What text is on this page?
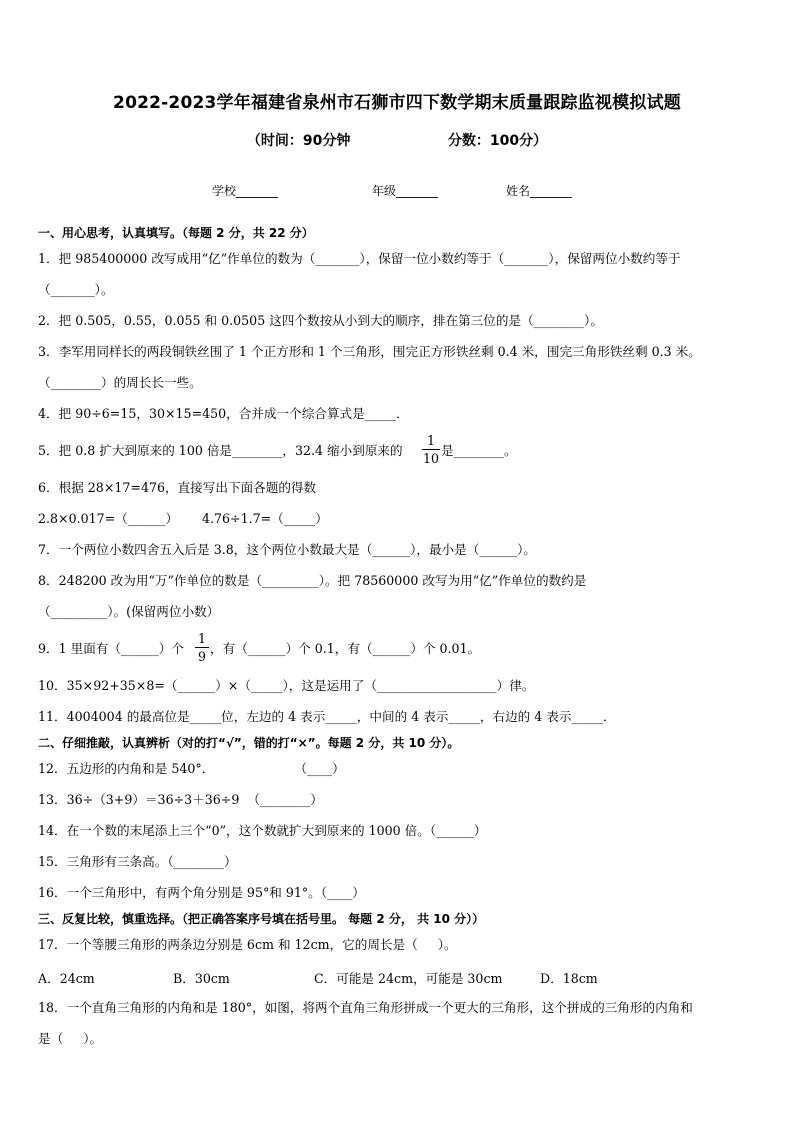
2022-2023学年福建省泉州市石狮市四下数学期末质量跟踪监视模拟试题
（时间：90分钟                    分数：100分）
学校_______	年级_______	姓名_______
一、用心思考，认真填写。（每题 2 分，共 22 分）
1．把 985400000 改写成用“亿”作单位的数为（_______），保留一位小数约等于（_______），保留两位小数约等于
（_______）。
2．把 0.505，0.55，0.055 和 0.0505 这四个数按从小到大的顺序，排在第三位的是（________）。
3．李军用同样长的两段铜铁丝围了 1 个正方形和 1 个三角形，围完正方形铁丝剩 0.4 米，围完三角形铁丝剩 0.3 米。
（________）的周长长一些。
4．把 90÷6=15，30×15=450，合并成一个综合算式是_____．
5．把 0.8 扩大到原来的 100 倍是________，32.4 缩小到原来的
1
10
是________。
6．根据 28×17=476，直接写出下面各题的得数
2.8×0.017=（______） 4.76÷1.7=（_____）
7．一个两位小数四舍五入后是 3.8，这个两位小数最大是（______），最小是（______）。
8．248200 改为用“万”作单位的数是（_________）。把 78560000 改写为用“亿”作单位的数约是
（_________）。(保留两位小数）
9．1 里面有（______）个
1
9
，有（______）个 0.1，有（______）个 0.01。
10．35×92+35×8=（______）×（_____），这是运用了（___________________）律。
11．4004004 的最高位是_____位，左边的 4 表示_____，中间的 4 表示_____，右边的 4 表示_____．
二、仔细推敲，认真辨析（对的打“√”，错的打“×”。每题 2 分，共 10 分）。
12．五边形的内角和是 540°．                    （____）
13．36÷（3+9）＝36÷3＋36÷9  （________）
14．在一个数的末尾添上三个“0”，这个数就扩大到原来的 1000 倍。（______）
15．三角形有三条高。（________）
16．一个三角形中，有两个角分别是 95°和 91°。（____）
三、反复比较，慎重选择。（把正确答案序号填在括号里。 每题 2 分， 共 10 分））
17．一个等腰三角形的两条边分别是 6cm 和 12cm，它的周长是（     ）。
A．24cm	B．30cm	C．可能是 24cm，可能是 30cm	D．18cm
18．一个直角三角形的内角和是 180°，如图，将两个直角三角形拼成一个更大的三角形，这个拼成的三角形的内角和
是（     ）。
